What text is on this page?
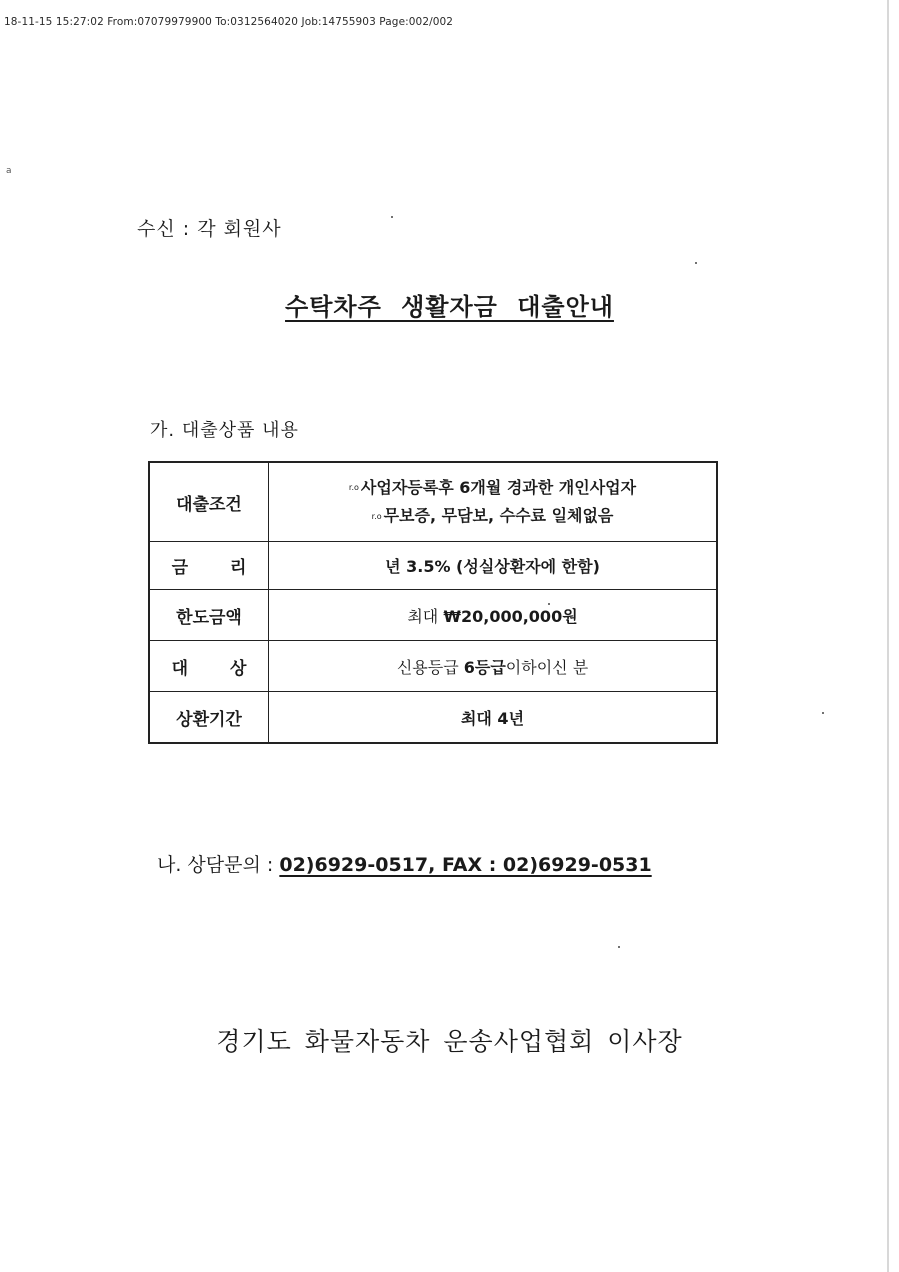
18-11-15 15:27:02 From:07079979900 To:0312564020 Job:14755903 Page:002/002
a
수신 : 각 회원사
수탁차주 생활자금 대출안내
가. 대출상품 내용
대출조건	r.o 사업자등록후 6개월 경과한 개인사업자
r.o 무보증, 무담보, 수수료 일체없음

금 리	년 3.5% (성실상환자에 한함)
한도금액	최대 ₩20,000,000원
대 상	신용등급 6등급이하이신 분
상환기간	최대 4년
나. 상담문의 : 02)6929-0517, FAX : 02)6929-0531
경기도 화물자동차 운송사업협회 이사장
